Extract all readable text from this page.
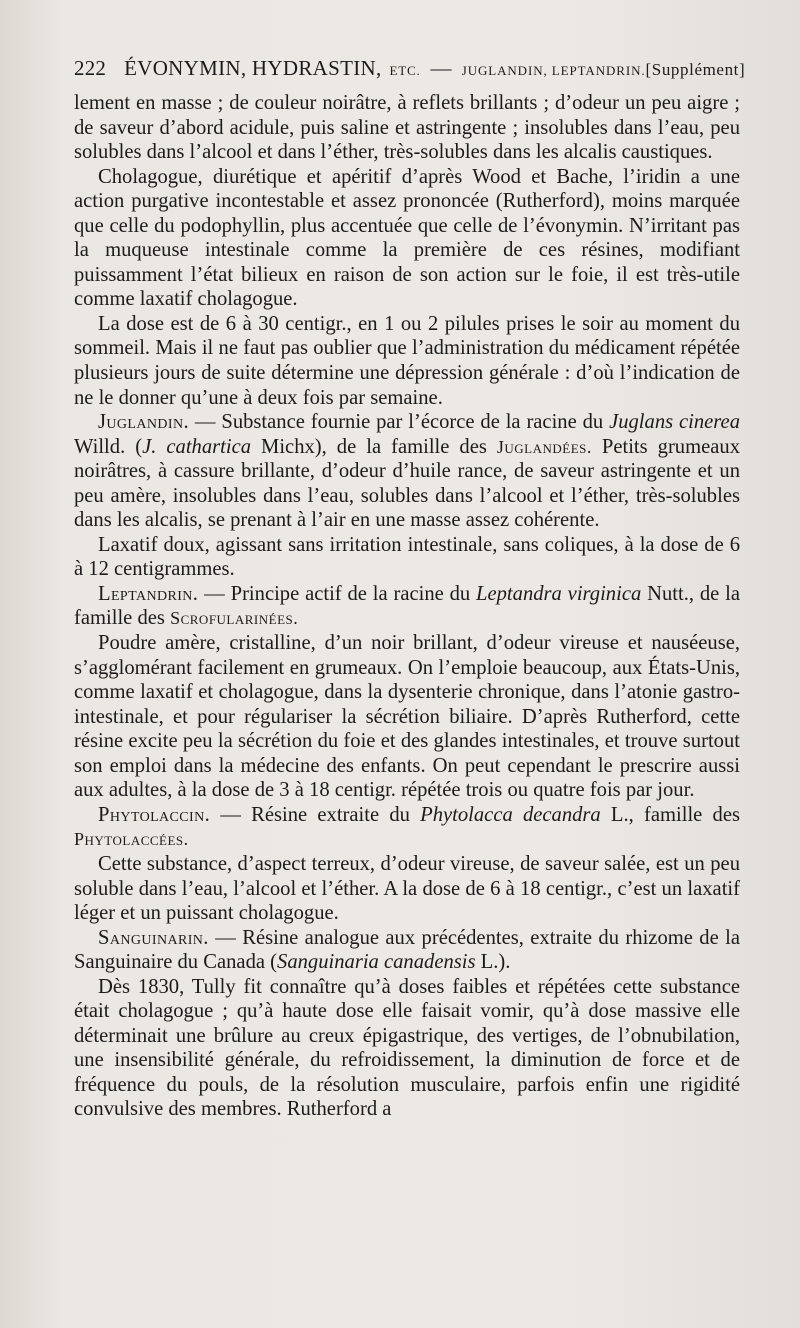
222 ÉVONYMIN, HYDRASTIN, ETC. — JUGLANDIN, LEPTANDRIN. [Supplément]

lement en masse ; de couleur noirâtre, à reflets brillants ; d’odeur un peu aigre ; de saveur d’abord acidule, puis saline et astringente ; insolubles dans l’eau, peu solubles dans l’alcool et dans l’éther, très-solubles dans les alcalis caustiques.

Cholagogue, diurétique et apéritif d’après Wood et Bache, l’iridin a une action purgative incontestable et assez prononcée (Rutherford), moins marquée que celle du podophyllin, plus accentuée que celle de l’évonymin. N’irritant pas la muqueuse intestinale comme la première de ces résines, modifiant puissamment l’état bilieux en raison de son action sur le foie, il est très-utile comme laxatif cholagogue.

La dose est de 6 à 30 centigr., en 1 ou 2 pilules prises le soir au moment du sommeil. Mais il ne faut pas oublier que l’administration du médicament répétée plusieurs jours de suite détermine une dépression générale : d’où l’indication de ne le donner qu’une à deux fois par semaine.

Juglandin. — Substance fournie par l’écorce de la racine du Juglans cinerea Willd. (J. cathartica Michx), de la famille des Juglandées. Petits grumeaux noirâtres, à cassure brillante, d’odeur d’huile rance, de saveur astringente et un peu amère, insolubles dans l’eau, solubles dans l’alcool et l’éther, très-solubles dans les alcalis, se prenant à l’air en une masse assez cohérente.

Laxatif doux, agissant sans irritation intestinale, sans coliques, à la dose de 6 à 12 centigrammes.

Leptandrin. — Principe actif de la racine du Leptandra virginica Nutt., de la famille des Scrofularinées.

Poudre amère, cristalline, d’un noir brillant, d’odeur vireuse et nauséeuse, s’agglomérant facilement en grumeaux. On l’emploie beaucoup, aux États-Unis, comme laxatif et cholagogue, dans la dysenterie chronique, dans l’atonie gastro-intestinale, et pour régulariser la sécrétion biliaire. D’après Rutherford, cette résine excite peu la sécrétion du foie et des glandes intestinales, et trouve surtout son emploi dans la médecine des enfants. On peut cependant le prescrire aussi aux adultes, à la dose de 3 à 18 centigr. répétée trois ou quatre fois par jour.

Phytolaccin. — Résine extraite du Phytolacca decandra L., famille des Phytolaccées.

Cette substance, d’aspect terreux, d’odeur vireuse, de saveur salée, est un peu soluble dans l’eau, l’alcool et l’éther. A la dose de 6 à 18 centigr., c’est un laxatif léger et un puissant cholagogue.

Sanguinarin. — Résine analogue aux précédentes, extraite du rhizome de la Sanguinaire du Canada (Sanguinaria canadensis L.).

Dès 1830, Tully fit connaître qu’à doses faibles et répétées cette substance était cholagogue ; qu’à haute dose elle faisait vomir, qu’à dose massive elle déterminait une brûlure au creux épigastrique, des vertiges, de l’obnubilation, une insensibilité générale, du refroidissement, la diminution de force et de fréquence du pouls, de la résolution musculaire, parfois enfin une rigidité convulsive des membres. Rutherford a
